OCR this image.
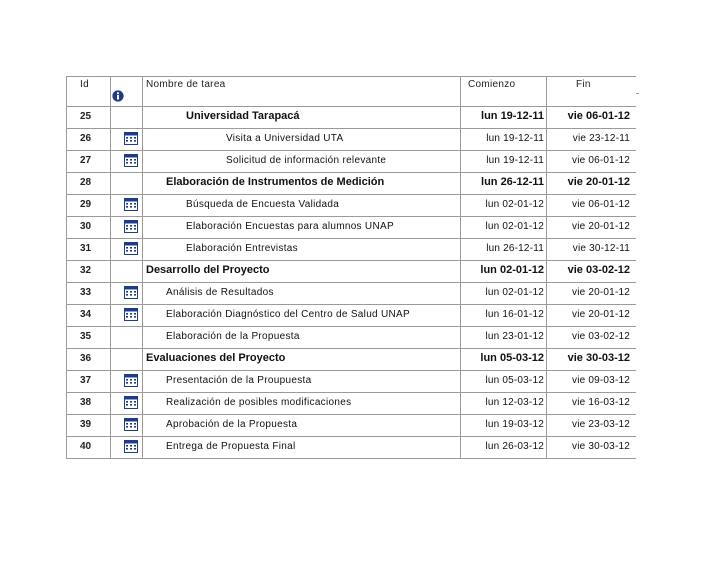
Id	Nombre de tarea	Comienzo	Fin
25	Universidad Tarapacá	lun 19-12-11 vie 06-01-12
26	Visita a Universidad UTA	lun 19-12-11	vie 23-12-11
27	Solicitud de información relevante	lun 19-12-11	vie 06-01-12
28	Elaboración de Instrumentos de Medición	lun 26-12-11 vie 20-01-12
29	Búsqueda de Encuesta Validada	lun 02-01-12	vie 06-01-12
30	Elaboración Encuestas para alumnos UNAP	lun 02-01-12	vie 20-01-12
31	Elaboración Entrevistas	lun 26-12-11	vie 30-12-11
32	Desarrollo del Proyecto	lun 02-01-12 vie 03-02-12
33	Análisis de Resultados	lun 02-01-12	vie 20-01-12
34	Elaboración Diagnóstico del Centro de Salud UNAP	lun 16-01-12	vie 20-01-12
35	Elaboración de la Propuesta	lun 23-01-12	vie 03-02-12
36	Evaluaciones del Proyecto	lun 05-03-12 vie 30-03-12
37	Presentación de la Proupuesta	lun 05-03-12	vie 09-03-12
38	Realización de posibles modificaciones	lun 12-03-12	vie 16-03-12
39	Aprobación de la Propuesta	lun 19-03-12	vie 23-03-12
40	Entrega de Propuesta Final	lun 26-03-12	vie 30-03-12
